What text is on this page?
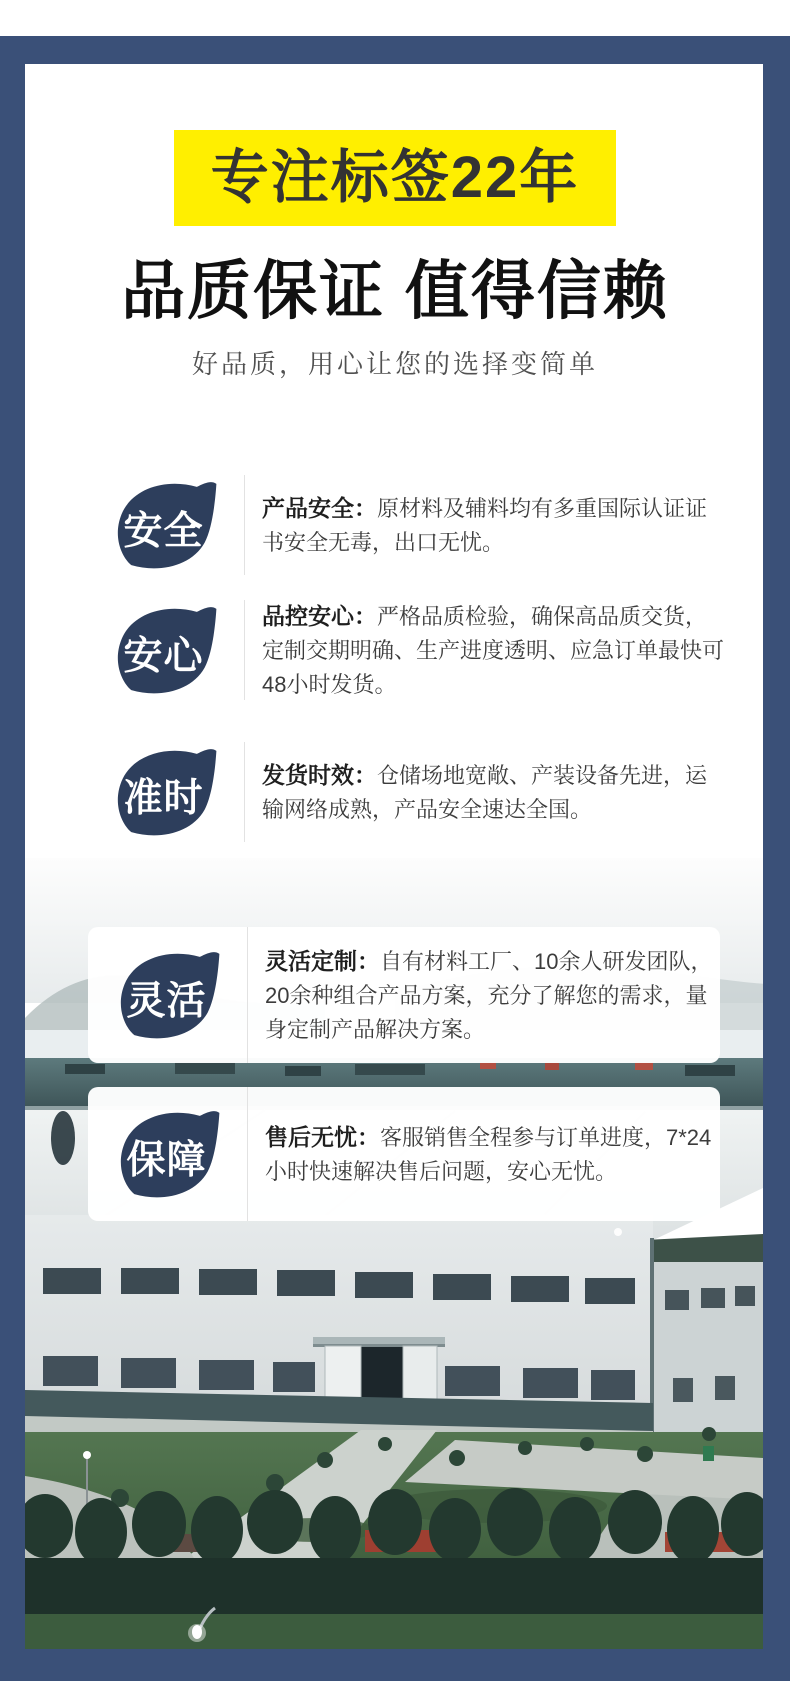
专注标签22年
品质保证 值得信赖
好品质，用心让您的选择变简单
安全

产品安全：原材料及辅料均有多重国际认证证书安全无毒，出口无忧。

安心

品控安心：严格品质检验，确保高品质交货，定制交期明确、生产进度透明、应急订单最快可48小时发货。

准时

发货时效：仓储场地宽敞、产装设备先进，运输网络成熟，产品安全速达全国。

灵活

灵活定制：自有材料工厂、10余人研发团队，20余种组合产品方案，充分了解您的需求，量身定制产品解决方案。

保障

售后无忧：客服销售全程参与订单进度，7*24小时快速解决售后问题，安心无忧。
